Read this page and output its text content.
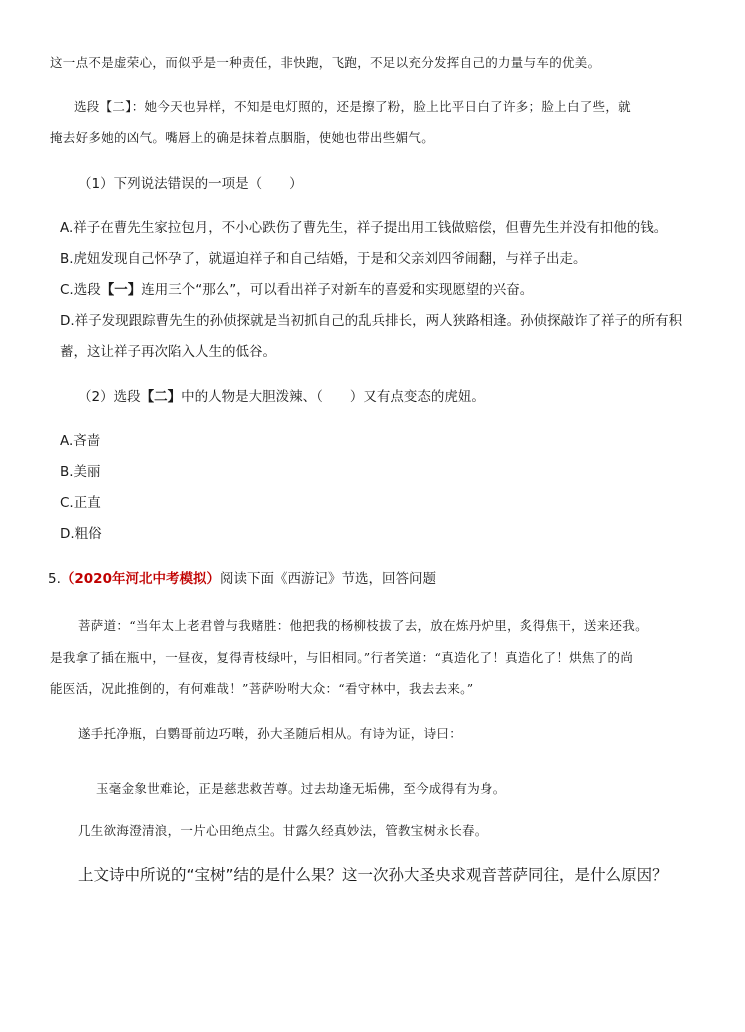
这一点不是虚荣心，而似乎是一种责任，非快跑，飞跑，不足以充分发挥自己的力量与车的优美。
选段【二】：她今天也异样，不知是电灯照的，还是擦了粉，脸上比平日白了许多；脸上白了些，就
掩去好多她的凶气。嘴唇上的确是抹着点胭脂，使她也带出些媚气。
（1）下列说法错误的一项是（　　）
A.祥子在曹先生家拉包月，不小心跌伤了曹先生，祥子提出用工钱做赔偿，但曹先生并没有扣他的钱。
B.虎妞发现自己怀孕了，就逼迫祥子和自己结婚，于是和父亲刘四爷闹翻，与祥子出走。
C.选段【一】连用三个“那么”，可以看出祥子对新车的喜爱和实现愿望的兴奋。
D.祥子发现跟踪曹先生的孙侦探就是当初抓自己的乱兵排长，两人狭路相逢。孙侦探敲诈了祥子的所有积
蓄，这让祥子再次陷入人生的低谷。
（2）选段【二】中的人物是大胆泼辣、（　　）又有点变态的虎妞。
A.吝啬
B.美丽
C.正直
D.粗俗
5.（2020年河北中考模拟）阅读下面《西游记》节选，回答问题
菩萨道：“当年太上老君曾与我赌胜：他把我的杨柳枝拔了去，放在炼丹炉里，炙得焦干，送来还我。
是我拿了插在瓶中，一昼夜，复得青枝绿叶，与旧相同。”行者笑道：“真造化了！真造化了！烘焦了的尚
能医活，况此推倒的，有何难哉！”菩萨吩咐大众：“看守林中，我去去来。”
遂手托净瓶，白鹦哥前边巧啭，孙大圣随后相从。有诗为证，诗曰：
玉毫金象世难论，正是慈悲救苦尊。过去劫逢无垢佛，至今成得有为身。
几生欲海澄清浪，一片心田绝点尘。甘露久经真妙法，管教宝树永长春。
上文诗中所说的“宝树”结的是什么果？这一次孙大圣央求观音菩萨同往，是什么原因？
